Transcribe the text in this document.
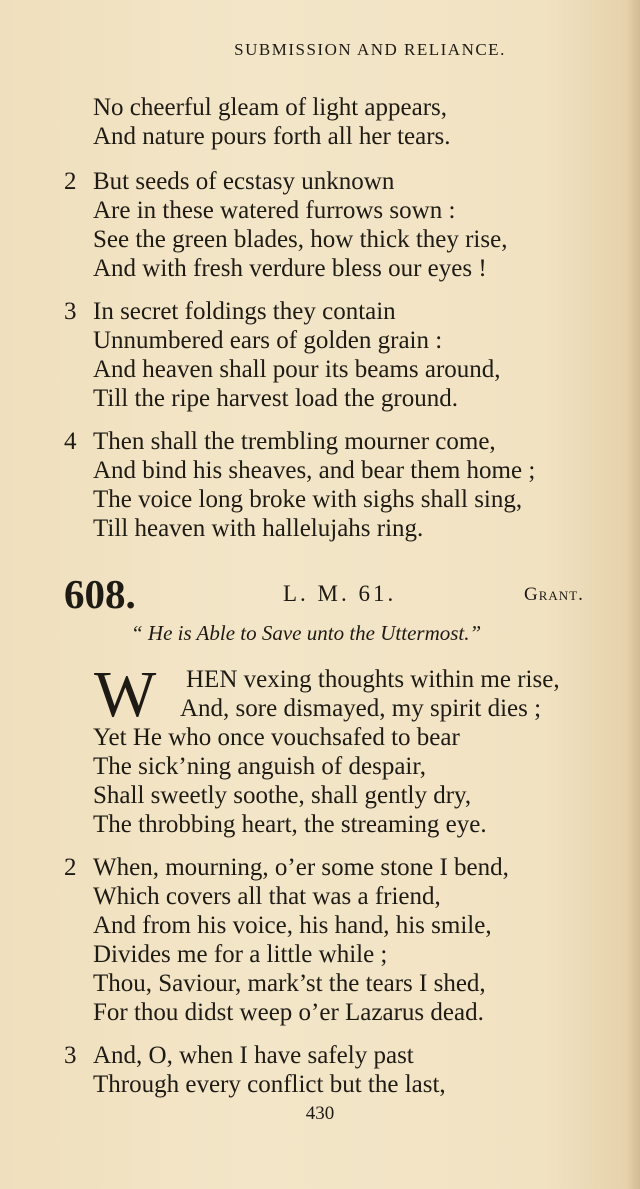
SUBMISSION AND RELIANCE.
No cheerful gleam of light appears,
And nature pours forth all her tears.
2 But seeds of ecstasy unknown
Are in these watered furrows sown :
See the green blades, how thick they rise,
And with fresh verdure bless our eyes !
3 In secret foldings they contain
Unnumbered ears of golden grain :
And heaven shall pour its beams around,
Till the ripe harvest load the ground.
4 Then shall the trembling mourner come,
And bind his sheaves, and bear them home ;
The voice long broke with sighs shall sing,
Till heaven with hallelujahs ring.
608.	L. M. 61.	Grant.
“ He is Able to Save unto the Uttermost.”
W HEN vexing thoughts within me rise,
And, sore dismayed, my spirit dies ;
Yet He who once vouchsafed to bear
The sick’ning anguish of despair,
Shall sweetly soothe, shall gently dry,
The throbbing heart, the streaming eye.
2 When, mourning, o’er some stone I bend,
Which covers all that was a friend,
And from his voice, his hand, his smile,
Divides me for a little while ;
Thou, Saviour, mark’st the tears I shed,
For thou didst weep o’er Lazarus dead.
3 And, O, when I have safely past
Through every conflict but the last,
430
